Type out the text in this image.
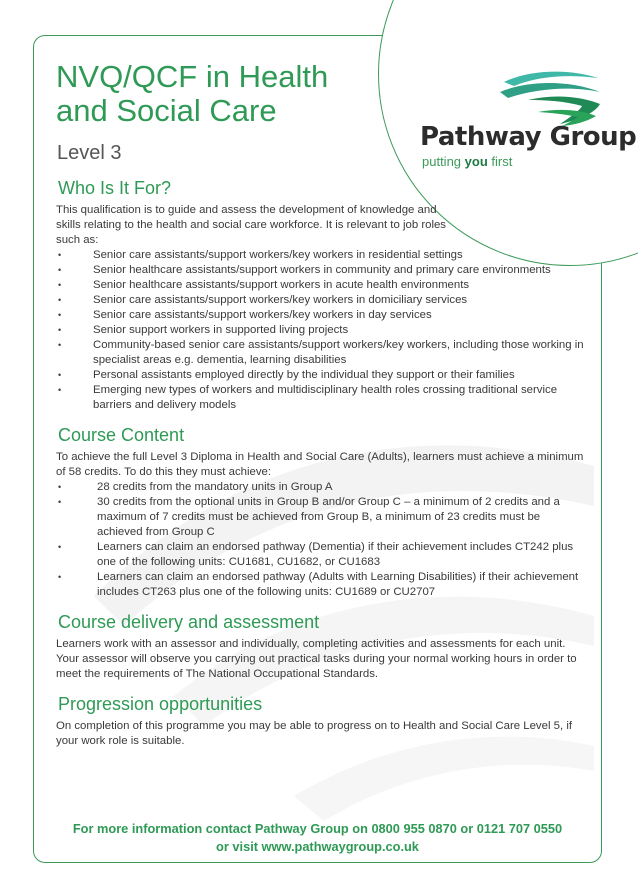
Pathway Group
putting you first
NVQ/QCF in Health
and Social Care
Level 3
Who Is It For?

This qualification is to guide and assess the development of knowledge and skills relating to the health and social care workforce. It is relevant to job roles such as:

• Senior care assistants/support workers/key workers in residential settings
• Senior healthcare assistants/support workers in community and primary care environments
• Senior healthcare assistants/support workers in acute health environments
• Senior care assistants/support workers/key workers in domiciliary services
• Senior care assistants/support workers/key workers in day services
• Senior support workers in supported living projects
• Community-based senior care assistants/support workers/key workers, including those working in specialist areas e.g. dementia, learning disabilities
• Personal assistants employed directly by the individual they support or their families
• Emerging new types of workers and multidisciplinary health roles crossing traditional service barriers and delivery models
Course Content

To achieve the full Level 3 Diploma in Health and Social Care (Adults), learners must achieve a minimum of 58 credits. To do this they must achieve:

• 28 credits from the mandatory units in Group A
• 30 credits from the optional units in Group B and/or Group C – a minimum of 2 credits and a maximum of 7 credits must be achieved from Group B, a minimum of 23 credits must be achieved from Group C
• Learners can claim an endorsed pathway (Dementia) if their achievement includes CT242 plus one of the following units: CU1681, CU1682, or CU1683
• Learners can claim an endorsed pathway (Adults with Learning Disabilities) if their achievement includes CT263 plus one of the following units: CU1689 or CU2707
Course delivery and assessment

Learners work with an assessor and individually, completing activities and assessments for each unit. Your assessor will observe you carrying out practical tasks during your normal working hours in order to meet the requirements of The National Occupational Standards.

Progression opportunities

On completion of this programme you may be able to progress on to Health and Social Care Level 5, if your work role is suitable.

For more information contact Pathway Group on 0800 955 0870 or 0121 707 0550
or visit www.pathwaygroup.co.uk
